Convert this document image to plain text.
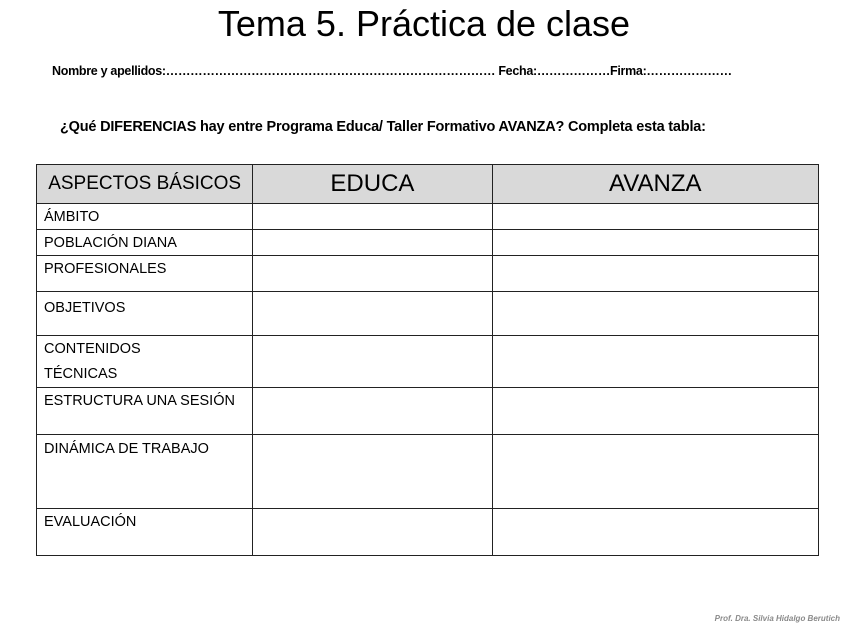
Tema 5. Práctica de clase
Nombre y apellidos:……………………………………………………………………… Fecha:………………Firma:…………………
¿Qué DIFERENCIAS hay entre Programa Educa/ Taller Formativo AVANZA? Completa esta tabla:
ASPECTOS BÁSICOS	EDUCA	AVANZA

ÁMBITO		

POBLACIÓN DIANA		

PROFESIONALES		

OBJETIVOS		

CONTENIDOS
TÉCNICAS		

ESTRUCTURA UNA SESIÓN		

DINÁMICA DE TRABAJO		

EVALUACIÓN		

Prof. Dra. Silvia Hidalgo Berutich
